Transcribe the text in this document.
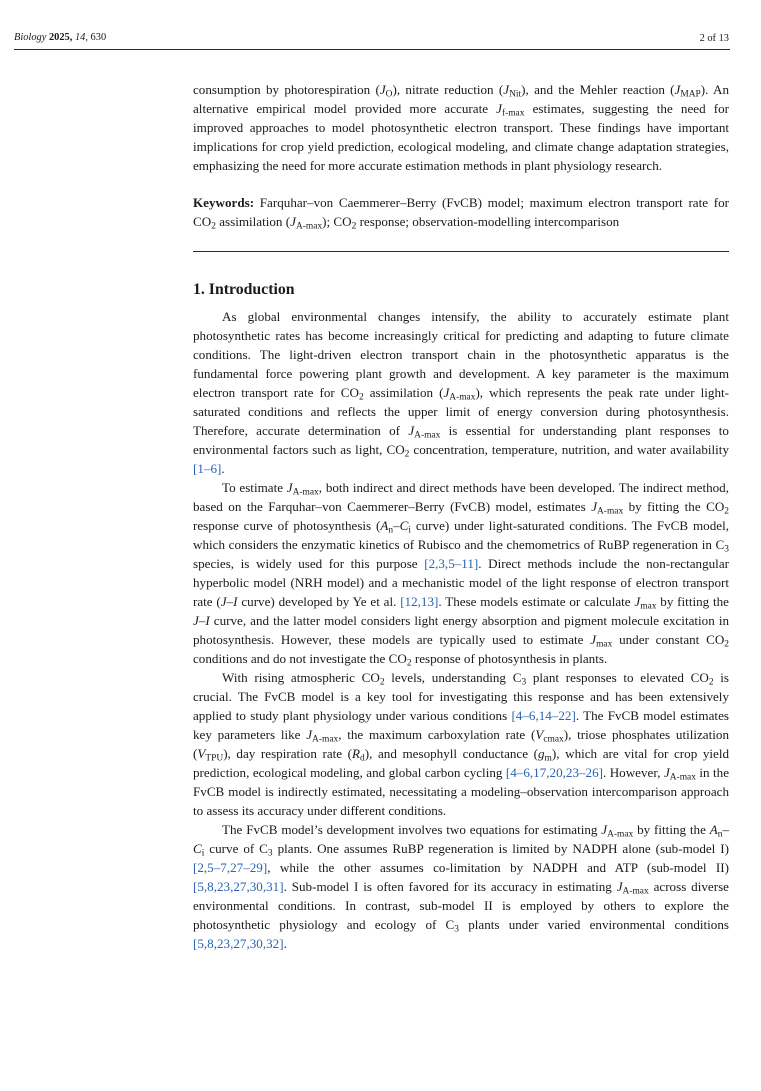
Biology 2025, 14, 630	2 of 13

consumption by photorespiration $(J_O)$, nitrate reduction $(J_{Nit})$, and the Mehler reaction $(J_{MAP})$. An alternative empirical model provided more accurate $J_{f-max}$ estimates, suggesting the need for improved approaches to model photosynthetic electron transport. These findings have important implications for crop yield prediction, ecological modeling, and climate change adaptation strategies, emphasizing the need for more accurate estimation methods in plant physiology research.

Keywords: Farquhar–von Caemmerer–Berry (FvCB) model; maximum electron transport rate for $CO_2$ assimilation $(J_{A-max})$; $CO_2$ response; observation-modelling intercomparison

1. Introduction

As global environmental changes intensify, the ability to accurately estimate plant photosynthetic rates has become increasingly critical for predicting and adapting to future climate conditions. The light-driven electron transport chain in the photosynthetic apparatus is the fundamental force powering plant growth and development. A key parameter is the maximum electron transport rate for $CO_2$ assimilation $(J_{A-max})$, which represents the peak rate under light-saturated conditions and reflects the upper limit of energy conversion during photosynthesis. Therefore, accurate determination of $J_{A-max}$ is essential for understanding plant responses to environmental factors such as light, $CO_2$ concentration, temperature, nutrition, and water availability [1–6].

To estimate $J_{A-max}$, both indirect and direct methods have been developed. The indirect method, based on the Farquhar–von Caemmerer–Berry (FvCB) model, estimates $J_{A-max}$ by fitting the $CO_2$ response curve of photosynthesis ($A_n-C_i$ curve) under light-saturated conditions. The FvCB model, which considers the enzymatic kinetics of Rubisco and the chemometrics of RuBP regeneration in $C_3$ species, is widely used for this purpose [2,3,5–11]. Direct methods include the non-rectangular hyperbolic model (NRH model) and a mechanistic model of the light response of electron transport rate (J–I curve) developed by Ye et al. [12,13]. These models estimate or calculate $J_{max}$ by fitting the J–I curve, and the latter model considers light energy absorption and pigment molecule excitation in photosynthesis. However, these models are typically used to estimate $J_{max}$ under constant $CO_2$ conditions and do not investigate the $CO_2$ response of photosynthesis in plants.

With rising atmospheric $CO_2$ levels, understanding $C_3$ plant responses to elevated $CO_2$ is crucial. The FvCB model is a key tool for investigating this response and has been extensively applied to study plant physiology under various conditions [4–6,14–22]. The FvCB model estimates key parameters like $J_{A-max}$, the maximum carboxylation rate $(V_{cmax})$, triose phosphates utilization $(V_{TPU})$, day respiration rate $(R_d)$, and mesophyll conductance $(g_m)$, which are vital for crop yield prediction, ecological modeling, and global carbon cycling [4–6,17,20,23–26]. However, $J_{A-max}$ in the FvCB model is indirectly estimated, necessitating a modeling–observation intercomparison approach to assess its accuracy under different conditions.

The FvCB model’s development involves two equations for estimating $J_{A-max}$ by fitting the $A_n-C_i$ curve of $C_3$ plants. One assumes RuBP regeneration is limited by NADPH alone (sub-model I) [2,5–7,27–29], while the other assumes co-limitation by NADPH and ATP (sub-model II) [5,8,23,27,30,31]. Sub-model I is often favored for its accuracy in estimating $J_{A-max}$ across diverse environmental conditions. In contrast, sub-model II is employed by others to explore the photosynthetic physiology and ecology of $C_3$ plants under varied environmental conditions [5,8,23,27,30,32].
